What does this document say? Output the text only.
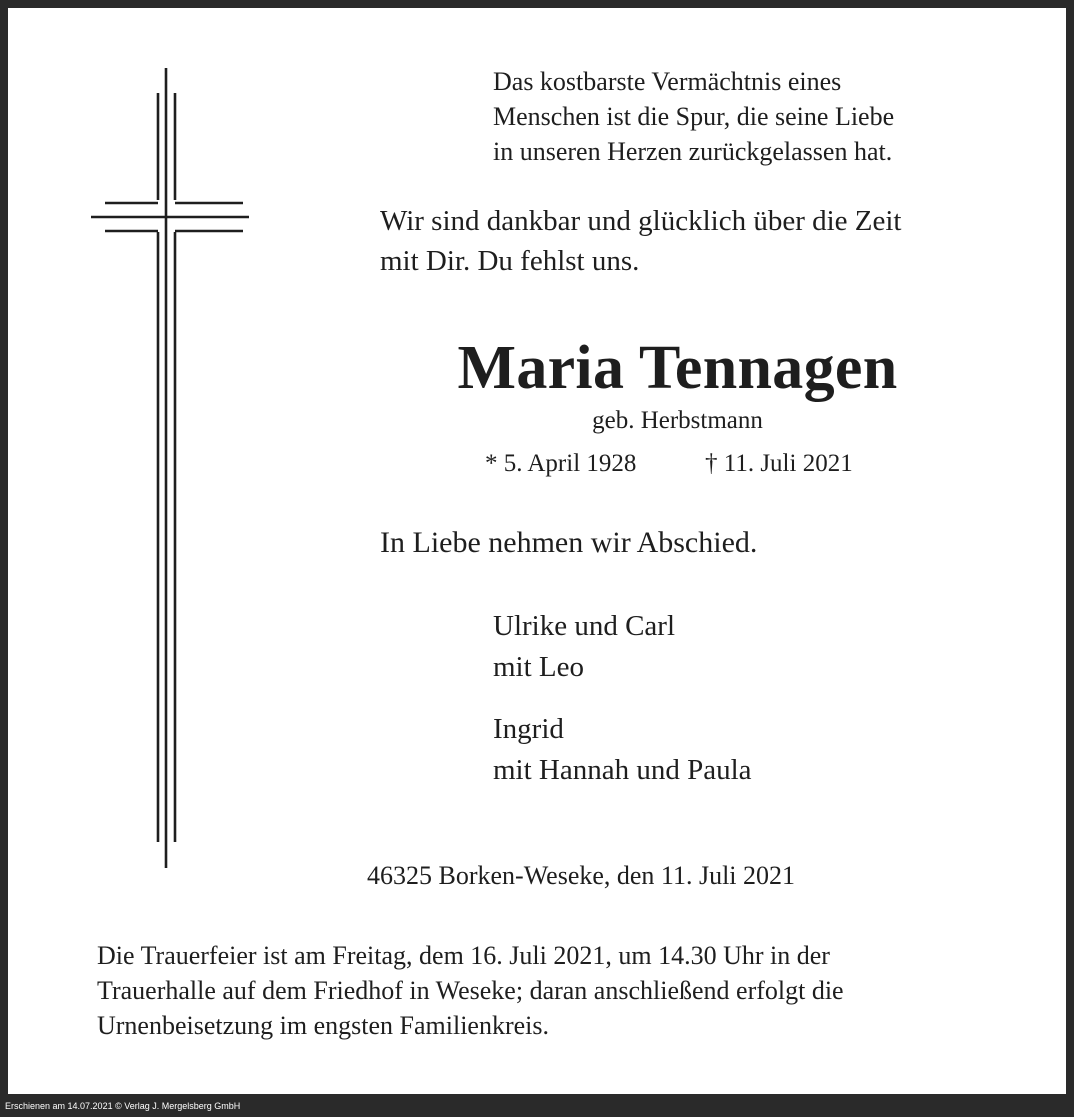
Das kostbarste Vermächtnis eines
Menschen ist die Spur, die seine Liebe
in unseren Herzen zurückgelassen hat.
Wir sind dankbar und glücklich über die Zeit
mit Dir. Du fehlst uns.
Maria Tennagen
geb. Herbstmann
* 5. April 1928	† 11. Juli 2021
In Liebe nehmen wir Abschied.
Ulrike und Carl
mit Leo
Ingrid
mit Hannah und Paula
46325 Borken-Weseke, den 11. Juli 2021
Die Trauerfeier ist am Freitag, dem 16. Juli 2021, um 14.30 Uhr in der
Trauerhalle auf dem Friedhof in Weseke; daran anschließend erfolgt die
Urnenbeisetzung im engsten Familienkreis.
Erschienen am 14.07.2021 © Verlag J. Mergelsberg GmbH
